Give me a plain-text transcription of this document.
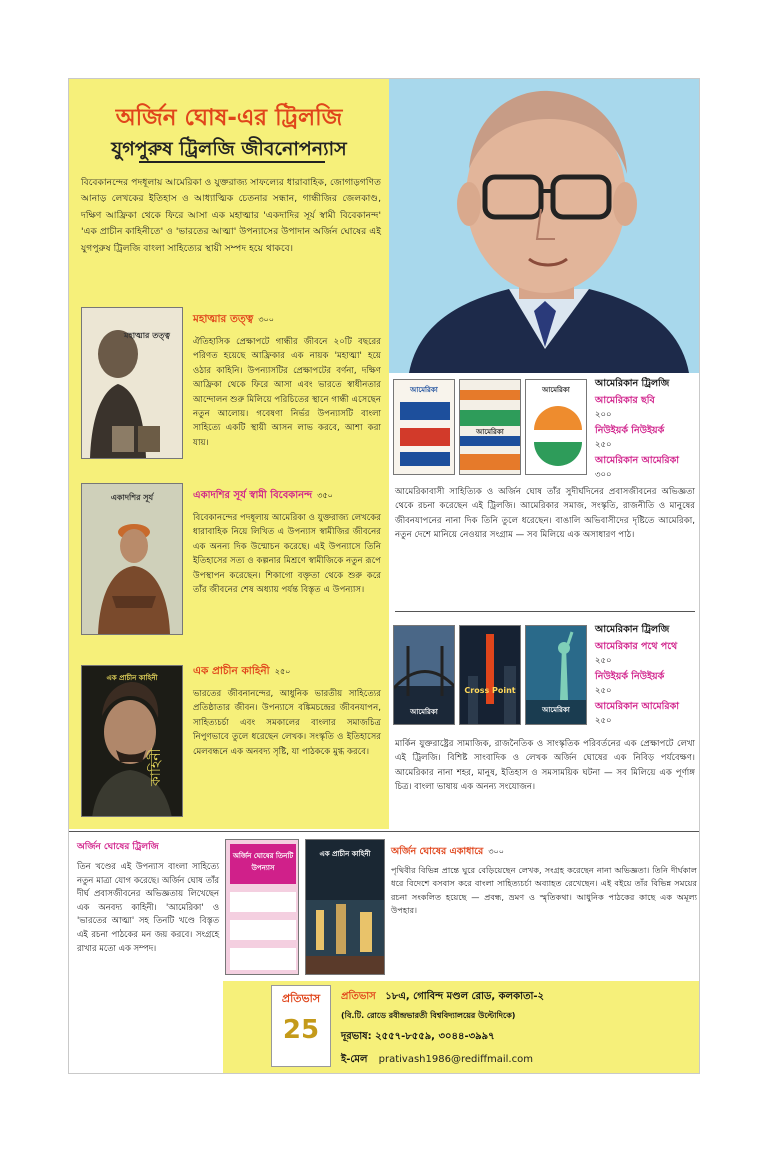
অর্জিন ঘোষ-এর ট্রিলজি
যুগপুরুষ ট্রিলজি জীবনোপন্যাস
বিবেকানন্দের পদধূলায় আমেরিকা ও যুক্তরাজ্য সাফল্যের ধারাবাহিক, জোগাড়গণিত আনাড় লেখকের ইতিহাস ও আধ্যাত্মিক চেতনার সন্ধান, গান্ধীজির জেলকাণ্ড, দক্ষিণ আফ্রিকা থেকে ফিরে আসা এক মহাত্মার 'একদাদির সূর্য স্বামী বিবেকানন্দ' 'এক প্রাচীন কাহিনীতে' ও 'ভারতের আত্মা' উপন্যাসের উপাদান অর্জিন ঘোষের এই যুগপুরুষ ট্রিলজি বাংলা সাহিত্যের স্থায়ী সম্পদ হয়ে থাকবে।
মহাত্মার তত্ত্ব
মহাত্মার তত্ত্ব ৩০০
ঐতিহাসিক প্রেক্ষাপটে গান্ধীর জীবনে ২০টি বছরের পরিণত হয়েছে আফ্রিকার এক নায়ক 'মহাত্মা' হয়ে ওঠার কাহিনি। উপন্যাসটির প্রেক্ষাপটের বর্ণনা, দক্ষিণ আফ্রিকা থেকে ফিরে আসা এবং ভারতে স্বাধীনতার আন্দোলন শুরু মিলিয়ে পরিচিতের স্থানে গান্ধী এসেছেন নতুন আলোয়। গবেষণা নির্ভর উপন্যাসটি বাংলা সাহিত্যে একটি স্থায়ী আসন লাভ করবে, আশা করা যায়।
একাদশির সূর্য	একাদশির সূর্য স্বামী বিবেকানন্দ ৩৫০
বিবেকানন্দের পদধূলায় আমেরিকা ও যুক্তরাজ্য লেখকের ধারাবাহিক নিয়ে লিখিত এ উপন্যাস স্বামীজির জীবনের এক অনন্য দিক উন্মোচন করেছে। এই উপন্যাসে তিনি ইতিহাসের সত্য ও কল্পনার মিশ্রণে স্বামীজিকে নতুন রূপে উপস্থাপন করেছেন। শিকাগো বক্তৃতা থেকে শুরু করে তাঁর জীবনের শেষ অধ্যায় পর্যন্ত বিস্তৃত এ উপন্যাস।
কাহিনী
এক প্রাচীন কাহিনী
এক প্রাচীন কাহিনী ২৫০
ভারতের জীবনানন্দের, আধুনিক ভারতীয় সাহিত্যের প্রতিষ্ঠাতার জীবন। উপন্যাসে বঙ্কিমচন্দ্রের জীবনযাপন, সাহিত্যচর্চা এবং সমকালের বাংলার সমাজচিত্র নিপুণভাবে তুলে ধরেছেন লেখক। সংস্কৃতি ও ইতিহাসের মেলবন্ধনে এক অনবদ্য সৃষ্টি, যা পাঠককে মুগ্ধ করবে।
আমেরিকা
আমেরিকা
আমেরিকা
আমেরিকান ট্রিলজি
আমেরিকার ছবি
২০০
নিউইয়র্ক নিউইয়র্ক
২৫০
আমেরিকান আমেরিকা
৩০০
আমেরিকাবাসী সাহিত্যিক ও অর্জিন ঘোষ তাঁর সুদীর্ঘদিনের প্রবাসজীবনের অভিজ্ঞতা থেকে রচনা করেছেন এই ট্রিলজি। আমেরিকার সমাজ, সংস্কৃতি, রাজনীতি ও মানুষের জীবনযাপনের নানা দিক তিনি তুলে ধরেছেন। বাঙালি অভিবাসীদের দৃষ্টিতে আমেরিকা, নতুন দেশে মানিয়ে নেওয়ার সংগ্রাম — সব মিলিয়ে এক অসাধারণ পাঠ।
আমেরিকা
Cross Point
আমেরিকা
আমেরিকান ট্রিলজি
আমেরিকার পথে পথে
২৫০
নিউইয়র্ক নিউইয়র্ক
২৫০
আমেরিকান আমেরিকা
২৫০
মার্কিন যুক্তরাষ্ট্রের সামাজিক, রাজনৈতিক ও সাংস্কৃতিক পরিবর্তনের এক প্রেক্ষাপটে লেখা এই ট্রিলজি। বিশিষ্ট সাংবাদিক ও লেখক অর্জিন ঘোষের এক নিবিড় পর্যবেক্ষণ। আমেরিকার নানা শহর, মানুষ, ইতিহাস ও সমসাময়িক ঘটনা — সব মিলিয়ে এক পূর্ণাঙ্গ চিত্র। বাংলা ভাষায় এক অনন্য সংযোজন।
অর্জিন ঘোষের ট্রিলজি
তিন খণ্ডের এই উপন্যাস বাংলা সাহিত্যে নতুন মাত্রা যোগ করেছে। অর্জিন ঘোষ তাঁর দীর্ঘ প্রবাসজীবনের অভিজ্ঞতায় লিখেছেন এক অনবদ্য কাহিনী। 'আমেরিকা' ও 'ভারতের আত্মা' সহ তিনটি খণ্ডে বিস্তৃত এই রচনা পাঠকের মন জয় করবে। সংগ্রহে রাখার মতো এক সম্পদ।
অর্জিন ঘোষের তিনটি উপন্যাস
এক প্রাচীন কাহিনী	অর্জিন ঘোষের একাধারে ৩০০
পৃথিবীর বিভিন্ন প্রান্তে ঘুরে বেড়িয়েছেন লেখক, সংগ্রহ করেছেন নানা অভিজ্ঞতা। তিনি দীর্ঘকাল ধরে বিদেশে বসবাস করে বাংলা সাহিত্যচর্চা অব্যাহত রেখেছেন। এই বইয়ে তাঁর বিভিন্ন সময়ের রচনা সংকলিত হয়েছে — প্রবন্ধ, ভ্রমণ ও স্মৃতিকথা। আধুনিক পাঠকের কাছে এক অমূল্য উপহার।
প্রতিভাস
25
প্রতিভাস ১৮এ, গোবিন্দ মণ্ডল রোড, কলকাতা-২
(বি.টি. রোডে রবীন্দ্রভারতী বিশ্ববিদ্যালয়ের উল্টোদিকে)
দূরভাষ: ২৫৫৭-৮৫৫৯, ৩০৪৪-৩৯৯৭
ই-মেল prativash1986@rediffmail.com
